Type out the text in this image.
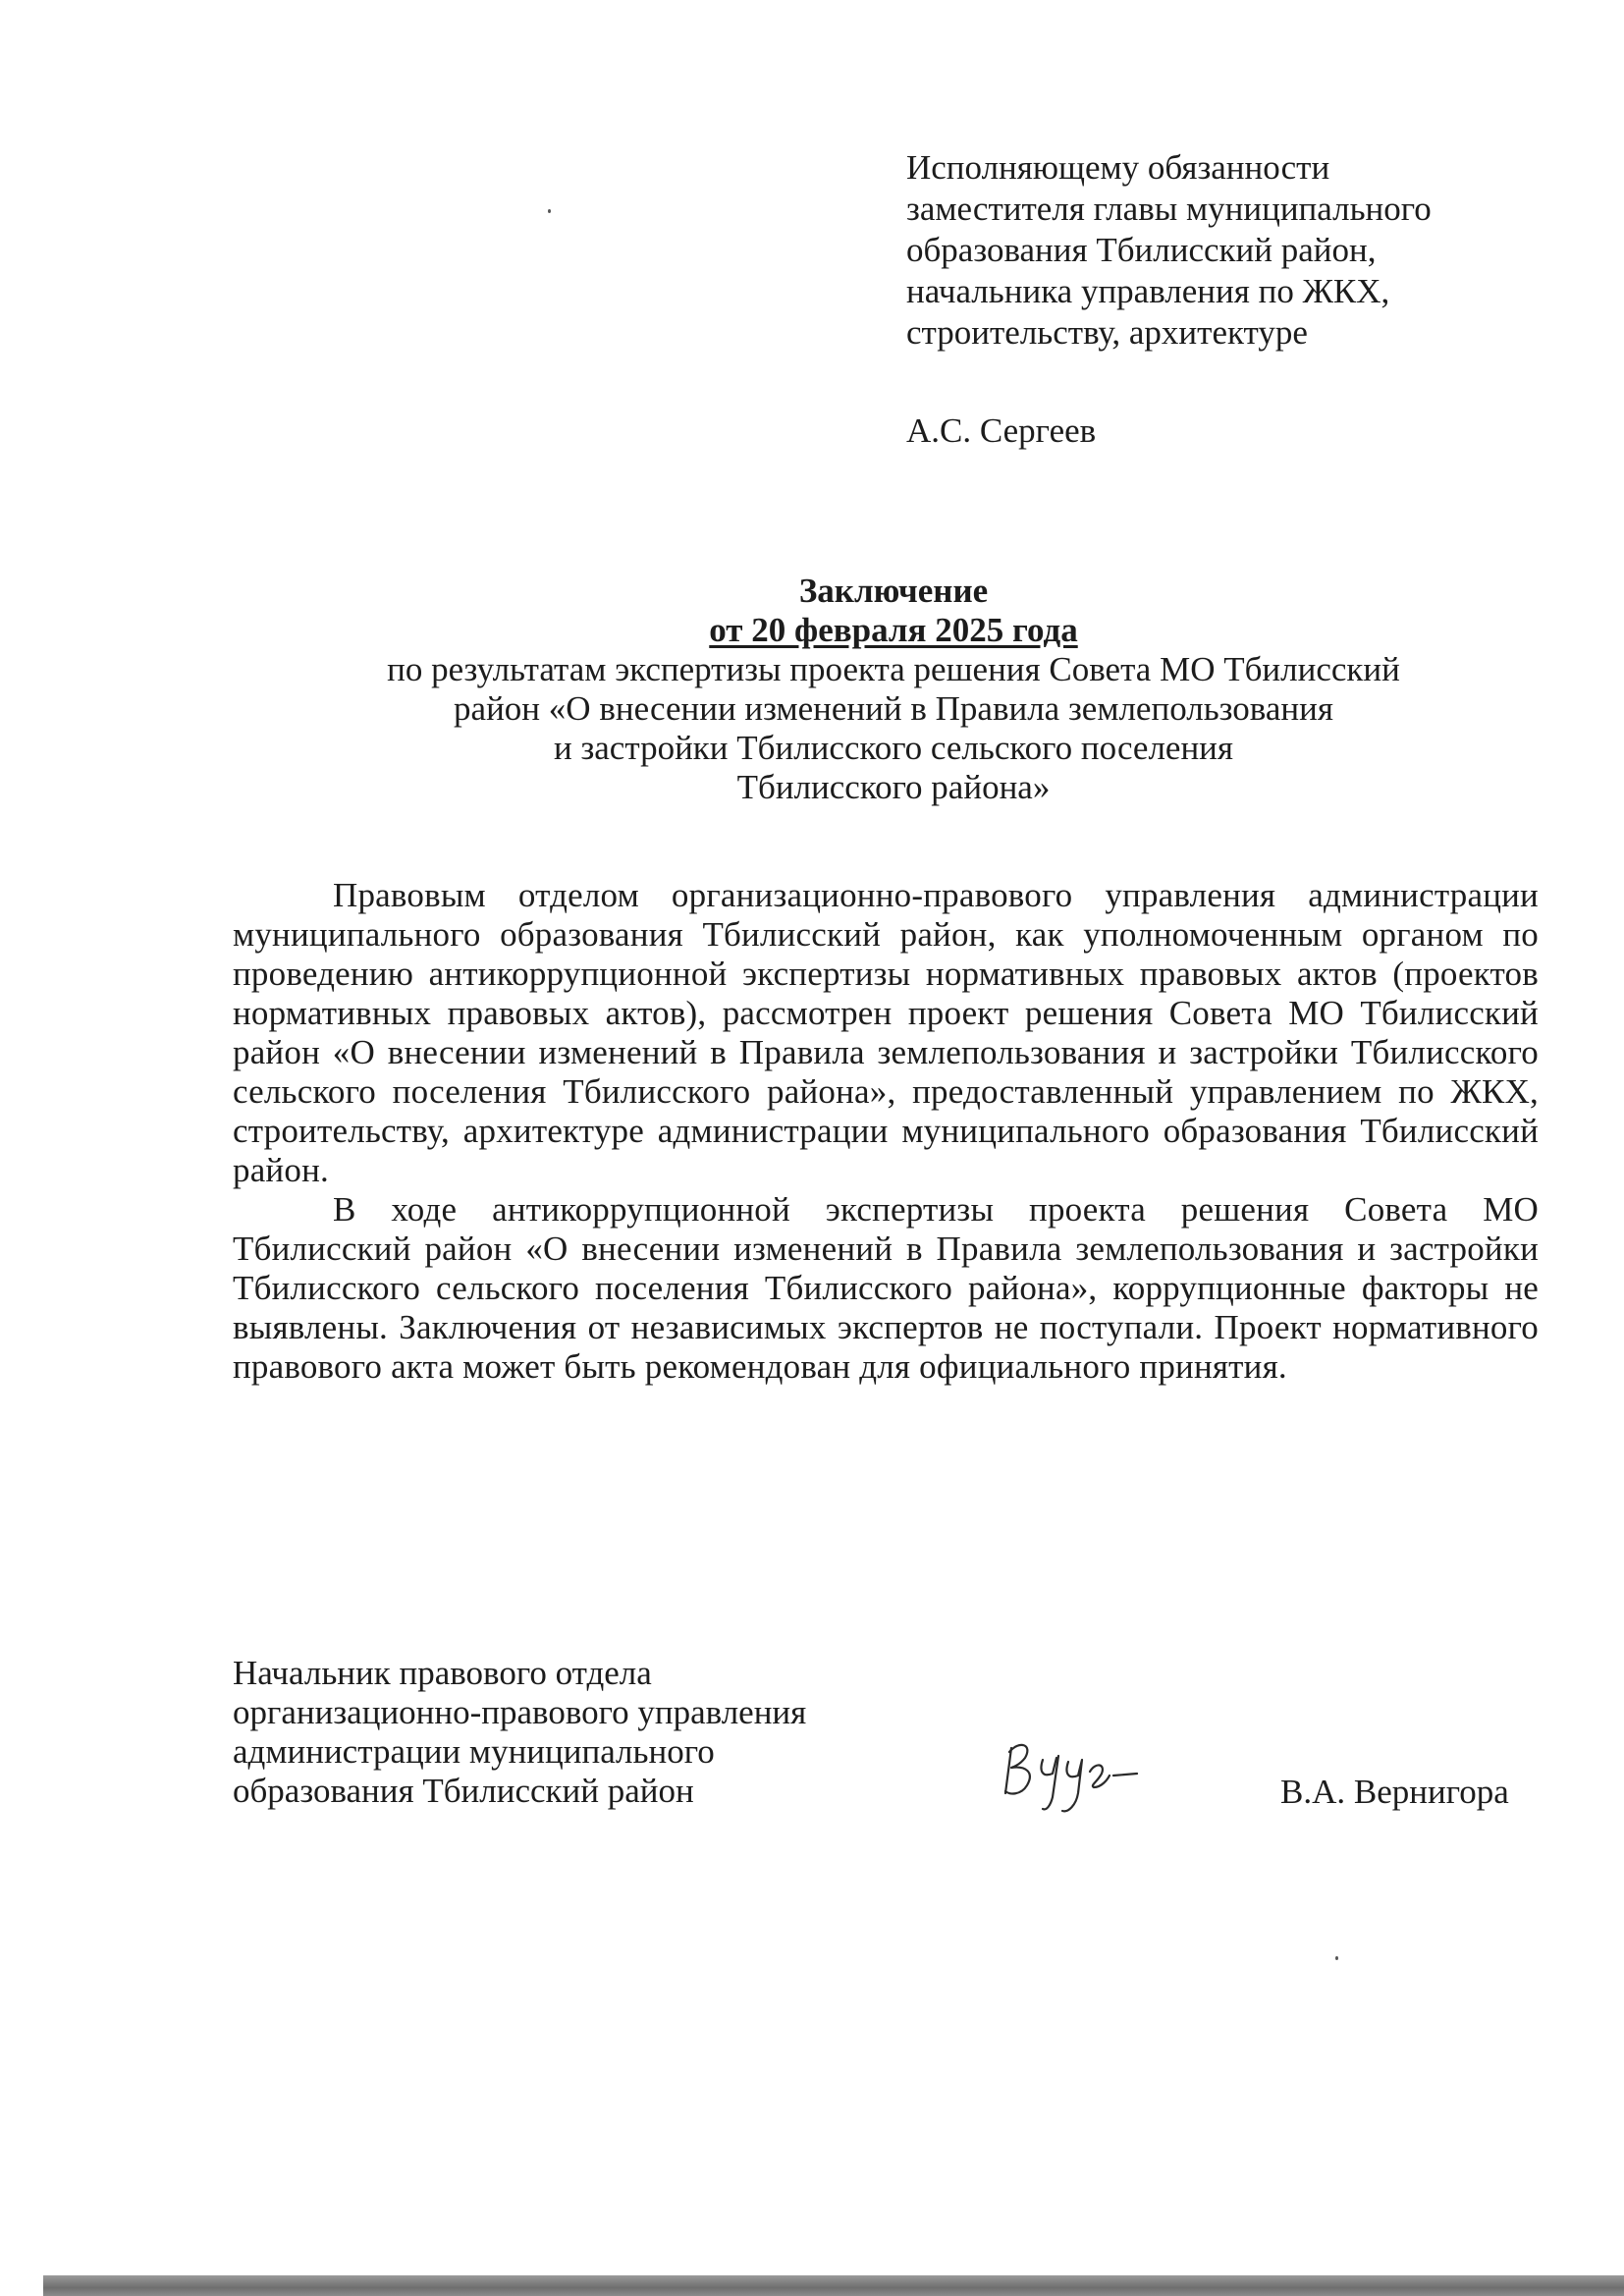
Исполняющему обязанности
заместителя главы муниципального
образования Тбилисский район,
начальника управления по ЖКХ,
строительству, архитектуре
А.С. Сергеев
Заключение
от 20 февраля 2025 года
по результатам экспертизы проекта решения Совета МО Тбилисский
район «О внесении изменений в Правила землепользования
и застройки Тбилисского сельского поселения
Тбилисского района»

Правовым отделом организационно-правового управления администрации муниципального образования Тбилисский район, как уполномоченным органом по проведению антикоррупционной экспертизы нормативных правовых актов (проектов нормативных правовых актов), рассмотрен проект решения Совета МО Тбилисский район «О внесении изменений в Правила землепользования и застройки Тбилисского сельского поселения Тбилисского района», предоставленный управлением по ЖКХ, строительству, архитектуре администрации муниципального образования Тбилисский район.

В ходе антикоррупционной экспертизы проекта решения Совета МО Тбилисский район «О внесении изменений в Правила землепользования и застройки Тбилисского сельского поселения Тбилисского района», коррупционные факторы не выявлены. Заключения от независимых экспертов не поступали. Проект нормативного правового акта может быть рекомендован для официального принятия.

Начальник правового отдела
организационно-правового управления
администрации муниципального
образования Тбилисский район	В.А. Вернигора
